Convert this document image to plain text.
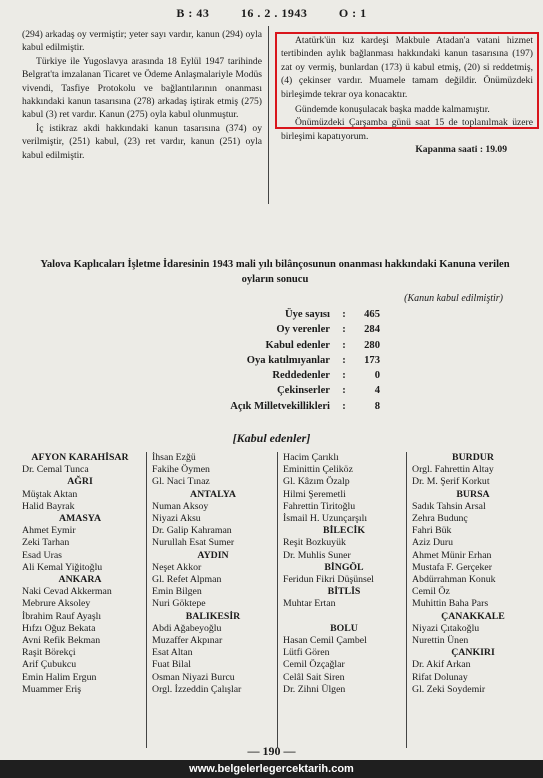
B : 43	16 . 2 . 1943	O : 1

(294) arkadaş oy vermiştir; yeter sayı vardır, kanun (294) oyla kabul edilmiştir.

Türkiye ile Yugoslavya arasında 18 Eylül 1947 tarihinde Belgrat'ta imzalanan Ticaret ve Ödeme Anlaşmalariyle Modüs vivendi, Tasfiye Protokolu ve bağlantılarının onanması hakkındaki kanun tasarısına (278) arkadaş iştirak etmiş (275) kabul (3) ret vardır. Kanun (275) oyla kabul olunmuştur.

İç istikraz akdi hakkındaki kanun tasarısına (374) oy verilmiştir, (251) kabul, (23) ret vardır, kanun (251) oyla kabul edilmiştir.

Atatürk'ün kız kardeşi Makbule Atadan'a vatani hizmet tertibinden aylık bağlanması hakkındaki kanun tasarısına (197) zat oy vermiş, bunlardan (173) ü kabul etmiş, (20) si reddetmiş, (4) çekinser vardır. Muamele tamam değildir. Önümüzdeki birleşimde tekrar oya konacaktır.

Gündemde konuşulacak başka madde kalmamıştır.

Önümüzdeki Çarşamba günü saat 15 de toplanılmak üzere birleşimi kapatıyorum.

Kapanma saati : 19.09
Yalova Kaplıcaları İşletme İdaresinin 1943 mali yılı bilânçosunun onanması hakkındaki Kanuna verilen oyların sonucu
(Kanun kabul edilmiştir)
Üye sayısı	:	465
Oy verenler	:	284
Kabul edenler	:	280
Oya katılmıyanlar	:	173
Reddedenler	:	0
Çekinserler	:	4
Açık Milletvekillikleri	:	8
[Kabul edenler]
AFYON KARAHİSAR
Dr. Cemal Tunca
AĞRI
Müştak Aktan
Halid Bayrak
AMASYA
Ahmet Eymir
Zeki Tarhan
Esad Uras
Ali Kemal Yiğitoğlu
ANKARA
Naki Cevad Akkerman
Mebrure Aksoley
İbrahim Rauf Ayaşlı
Hıfzı Oğuz Bekata
Avni Refik Bekman
Raşit Börekçi
Arif Çubukcu
Emin Halim Ergun
Muammer Eriş
İhsan Ezğü
Fakihe Öymen
Gl. Naci Tınaz
ANTALYA
Numan Aksoy
Niyazi Aksu
Dr. Galip Kahraman
Nurullah Esat Sumer
AYDIN
Neşet Akkor
Gl. Refet Alpman
Emin Bilgen
Nuri Göktepe
BALIKESİR
Abdi Ağabeyoğlu
Muzaffer Akpınar
Esat Altan
Fuat Bilal
Osman Niyazi Burcu
Orgl. İzzeddin Çalışlar
Hacim Çarıklı
Eminittin Çeliköz
Gl. Kâzım Özalp
Hilmi Şeremetli
Fahrettin Tiritoğlu
İsmail H. Uzunçarşılı
BİLECİK
Reşit Bozkuyük
Dr. Muhlis Suner
BİNGÖL
Feridun Fikri Düşünsel
BİTLİS
Muhtar Ertan

BOLU
Hasan Cemil Çambel
Lütfi Gören
Cemil Özçağlar
Celâl Sait Siren
Dr. Zihni Ülgen
BURDUR
Orgl. Fahrettin Altay
Dr. M. Şerif Korkut
BURSA
Sadık Tahsin Arsal
Zehra Budunç
Fahri Bük
Aziz Duru
Ahmet Münir Erhan
Mustafa F. Gerçeker
Abdürrahman Konuk
Cemil Öz
Muhittin Baha Pars
ÇANAKKALE
Niyazi Çıtakoğlu
Nurettin Ünen
ÇANKIRI
Dr. Akif Arkan
Rifat Dolunay
Gl. Zeki Soydemir
— 190 —
www.belgelerlegercektarih.com
